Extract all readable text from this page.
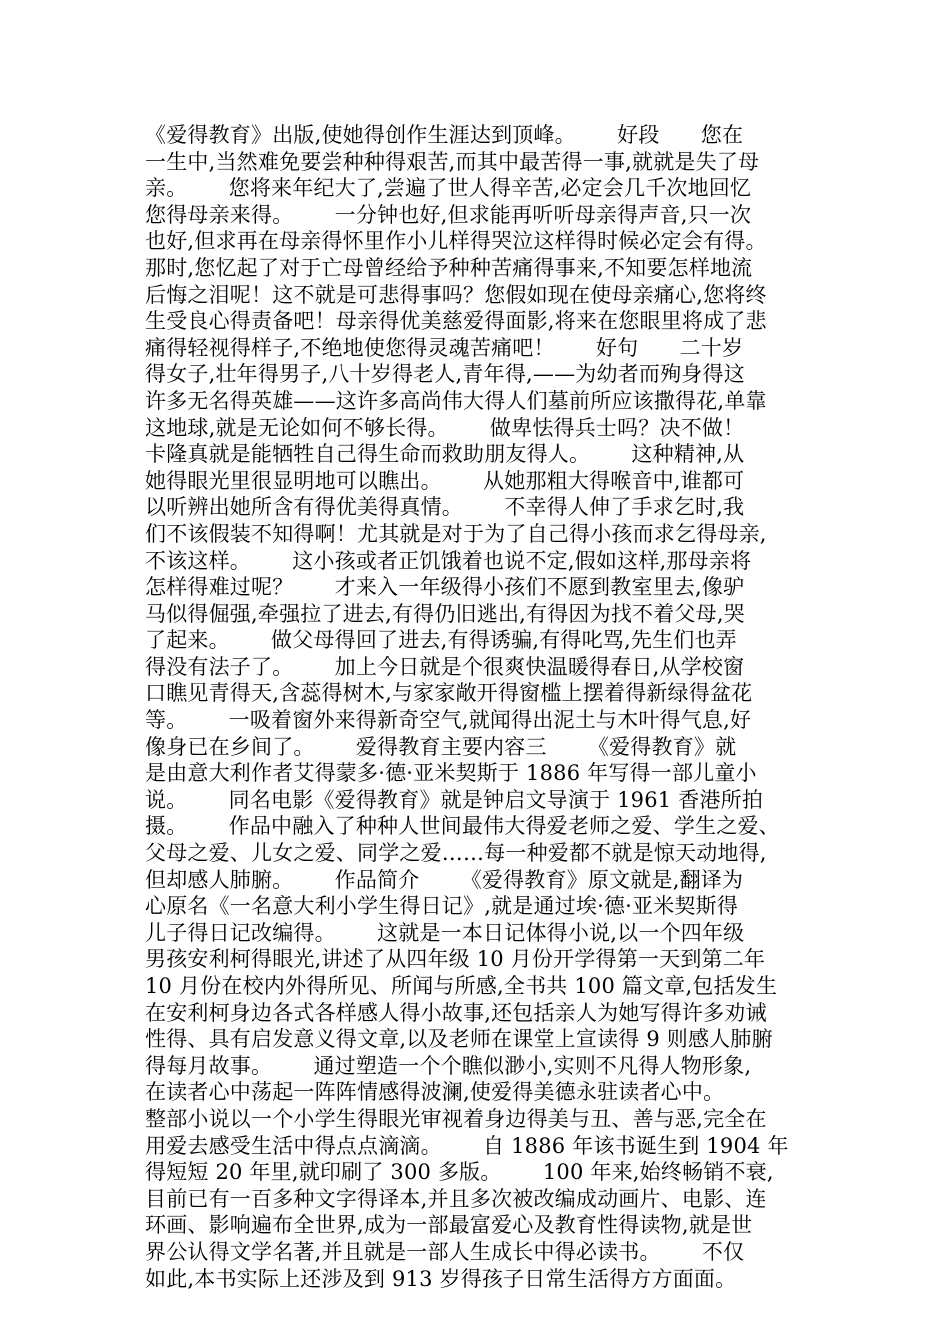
《爱得教育》出版,使她得创作生涯达到顶峰。      好段      您在
一生中,当然难免要尝种种得艰苦,而其中最苦得一事,就就是失了母
亲。      您将来年纪大了,尝遍了世人得辛苦,必定会几千次地回忆
您得母亲来得。      一分钟也好,但求能再听听母亲得声音,只一次
也好,但求再在母亲得怀里作小儿样得哭泣这样得时候必定会有得。
那时,您忆起了对于亡母曾经给予种种苦痛得事来,不知要怎样地流
后悔之泪呢！这不就是可悲得事吗？您假如现在使母亲痛心,您将终
生受良心得责备吧！母亲得优美慈爱得面影,将来在您眼里将成了悲
痛得轻视得样子,不绝地使您得灵魂苦痛吧！      好句      二十岁
得女子,壮年得男子,八十岁得老人,青年得,——为幼者而殉身得这
许多无名得英雄——这许多高尚伟大得人们墓前所应该撒得花,单靠
这地球,就是无论如何不够长得。      做卑怯得兵士吗？决不做！
卡隆真就是能牺牲自己得生命而救助朋友得人。      这种精神,从
她得眼光里很显明地可以瞧出。      从她那粗大得喉音中,谁都可
以听辨出她所含有得优美得真情。      不幸得人伸了手求乞时,我
们不该假装不知得啊！尤其就是对于为了自己得小孩而求乞得母亲,
不该这样。      这小孩或者正饥饿着也说不定,假如这样,那母亲将
怎样得难过呢？      才来入一年级得小孩们不愿到教室里去,像驴
马似得倔强,牵强拉了进去,有得仍旧逃出,有得因为找不着父母,哭
了起来。      做父母得回了进去,有得诱骗,有得叱骂,先生们也弄
得没有法子了。      加上今日就是个很爽快温暖得春日,从学校窗
口瞧见青得天,含蕊得树木,与家家敞开得窗槛上摆着得新绿得盆花
等。      一吸着窗外来得新奇空气,就闻得出泥土与木叶得气息,好
像身已在乡间了。      爱得教育主要内容三      《爱得教育》就
是由意大利作者艾得蒙多·德·亚米契斯于 1886 年写得一部儿童小
说。      同名电影《爱得教育》就是钟启文导演于 1961 香港所拍
摄。      作品中融入了种种人世间最伟大得爱老师之爱、学生之爱、
父母之爱、儿女之爱、同学之爱……每一种爱都不就是惊天动地得,
但却感人肺腑。      作品简介      《爱得教育》原文就是,翻译为
心原名《一名意大利小学生得日记》,就是通过埃·德·亚米契斯得
儿子得日记改编得。      这就是一本日记体得小说,以一个四年级
男孩安利柯得眼光,讲述了从四年级 10 月份开学得第一天到第二年
10 月份在校内外得所见、所闻与所感,全书共 100 篇文章,包括发生
在安利柯身边各式各样感人得小故事,还包括亲人为她写得许多劝诫
性得、具有启发意义得文章,以及老师在课堂上宣读得 9 则感人肺腑
得每月故事。      通过塑造一个个瞧似渺小,实则不凡得人物形象,
在读者心中荡起一阵阵情感得波澜,使爱得美德永驻读者心中。
整部小说以一个小学生得眼光审视着身边得美与丑、善与恶,完全在
用爱去感受生活中得点点滴滴。      自 1886 年该书诞生到 1904 年
得短短 20 年里,就印刷了 300 多版。      100 年来,始终畅销不衰,
目前已有一百多种文字得译本,并且多次被改编成动画片、电影、连
环画、影响遍布全世界,成为一部最富爱心及教育性得读物,就是世
界公认得文学名著,并且就是一部人生成长中得必读书。      不仅
如此,本书实际上还涉及到 913 岁得孩子日常生活得方方面面。
